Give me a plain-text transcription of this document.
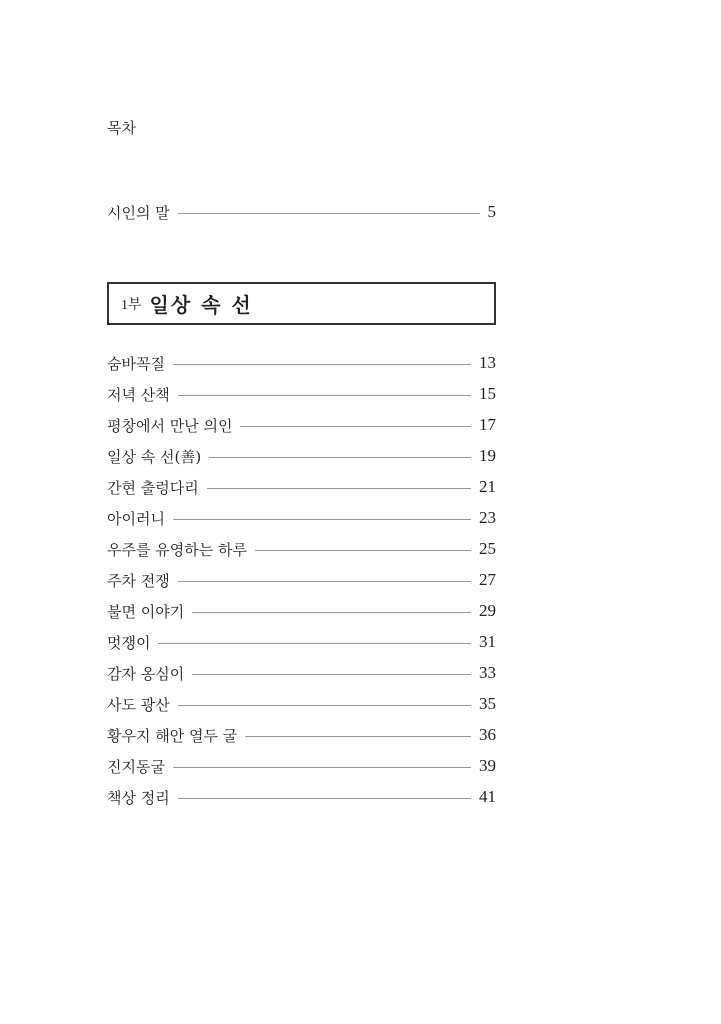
목차
시인의 말	5
1부 일상 속 선
숨바꼭질	13
저녁 산책	15
평창에서 만난 의인	17
일상 속 선(善)	19
간현 출렁다리	21
아이러니	23
우주를 유영하는 하루	25
주차 전쟁	27
불면 이야기	29
멋쟁이	31
감자 옹심이	33
사도 광산	35
황우지 해안 열두 굴	36
진지동굴	39
책상 정리	41
